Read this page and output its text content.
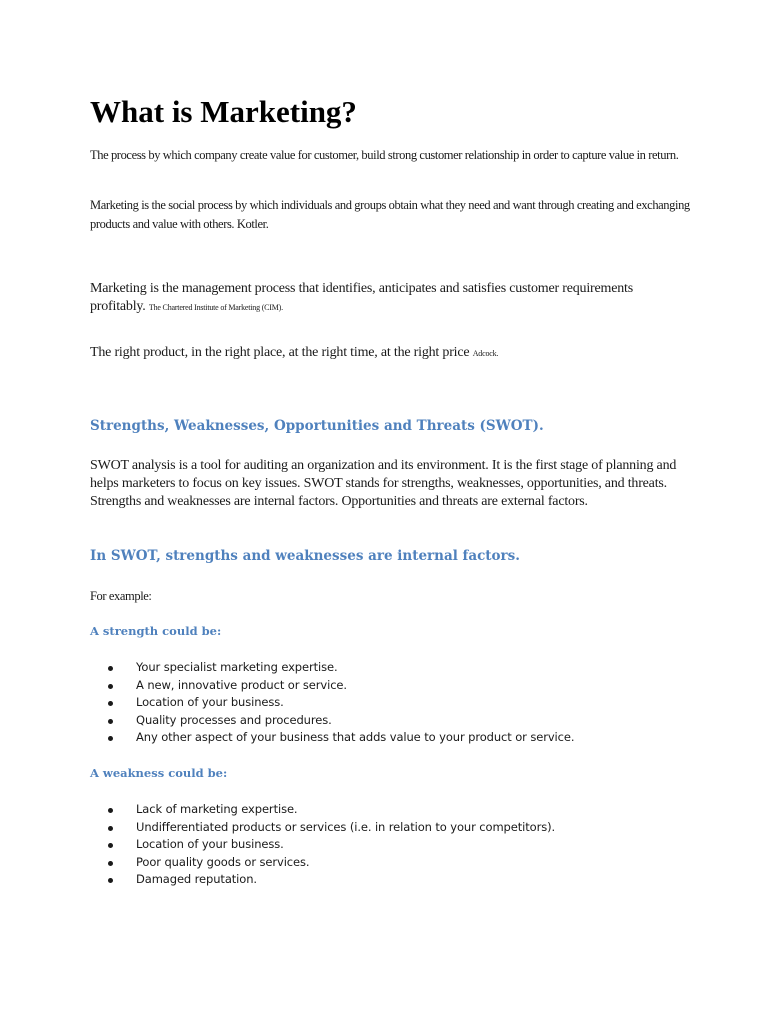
What is Marketing?

The process by which company create value for customer, build strong customer relationship in order to capture value in return.

Marketing is the social process by which individuals and groups obtain what they need and want through creating and exchanging products and value with others. Kotler.

Marketing is the management process that identifies, anticipates and satisfies customer requirements profitably. The Chartered Institute of Marketing (CIM).

The right product, in the right place, at the right time, at the right price Adcock.

Strengths, Weaknesses, Opportunities and Threats (SWOT).

SWOT analysis is a tool for auditing an organization and its environment. It is the first stage of planning and helps marketers to focus on key issues. SWOT stands for strengths, weaknesses, opportunities, and threats. Strengths and weaknesses are internal factors. Opportunities and threats are external factors.

In SWOT, strengths and weaknesses are internal factors.

For example:

A strength could be:
Your specialist marketing expertise.
A new, innovative product or service.
Location of your business.
Quality processes and procedures.
Any other aspect of your business that adds value to your product or service.
A weakness could be:
Lack of marketing expertise.
Undifferentiated products or services (i.e. in relation to your competitors).
Location of your business.
Poor quality goods or services.
Damaged reputation.
